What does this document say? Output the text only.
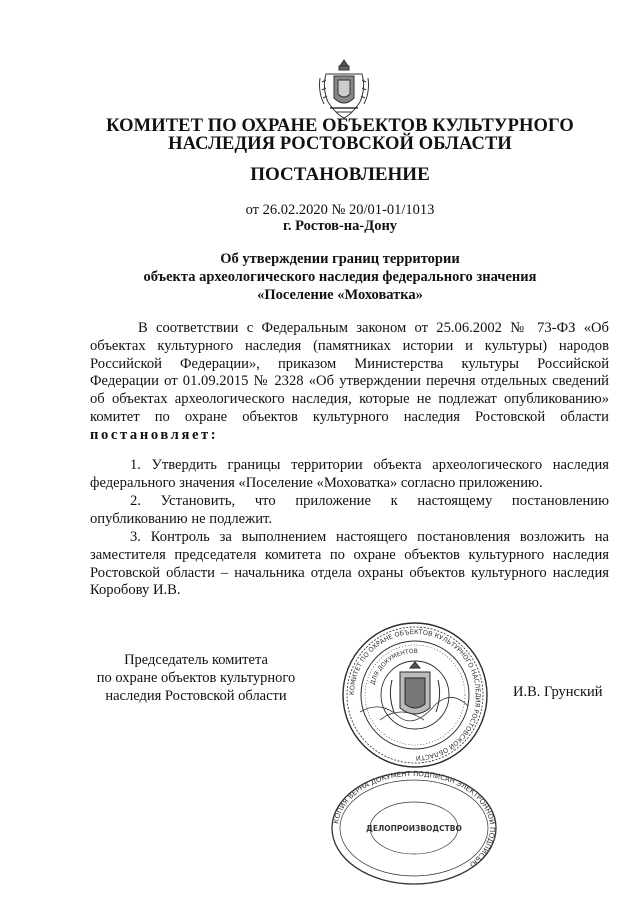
КОМИТЕТ ПО ОХРАНЕ ОБЪЕКТОВ КУЛЬТУРНОГО
НАСЛЕДИЯ РОСТОВСКОЙ ОБЛАСТИ
ПОСТАНОВЛЕНИЕ
от 26.02.2020 № 20/01-01/1013
г. Ростов-на-Дону
Об утверждении границ территории
объекта археологического наследия федерального значения
«Поселение «Моховатка»
В соответствии с Федеральным законом от 25.06.2002 № 73-ФЗ «Об объектах культурного наследия (памятниках истории и культуры) народов Российской Федерации», приказом Министерства культуры Российской Федерации от 01.09.2015 № 2328 «Об утверждении перечня отдельных сведений об объектах археологического наследия, которые не подлежат опубликованию» комитет по охране объектов культурного наследия Ростовской области постановляет:
1. Утвердить границы территории объекта археологического наследия федерального значения «Поселение «Моховатка» согласно приложению.
2. Установить, что приложение к настоящему постановлению опубликованию не подлежит.
3. Контроль за выполнением настоящего постановления возложить на заместителя председателя комитета по охране объектов культурного наследия Ростовской области – начальника отдела охраны объектов культурного наследия Коробову И.В.
Председатель комитета
по охране объектов культурного
наследия Ростовской области	КОМИТЕТ ПО ОХРАНЕ ОБЪЕКТОВ КУЛЬТУРНОГО НАСЛЕДИЯ РОСТОВСКОЙ ОБЛАСТИ
ДЛЯ ДОКУМЕНТОВ
КОПИЯ ВЕРНА ДОКУМЕНТ ПОДПИСАН ЭЛЕКТРОННОЙ ПОДПИСЬЮ
ДЕЛОПРОИЗВОДСТВО
И.В. Грунский
